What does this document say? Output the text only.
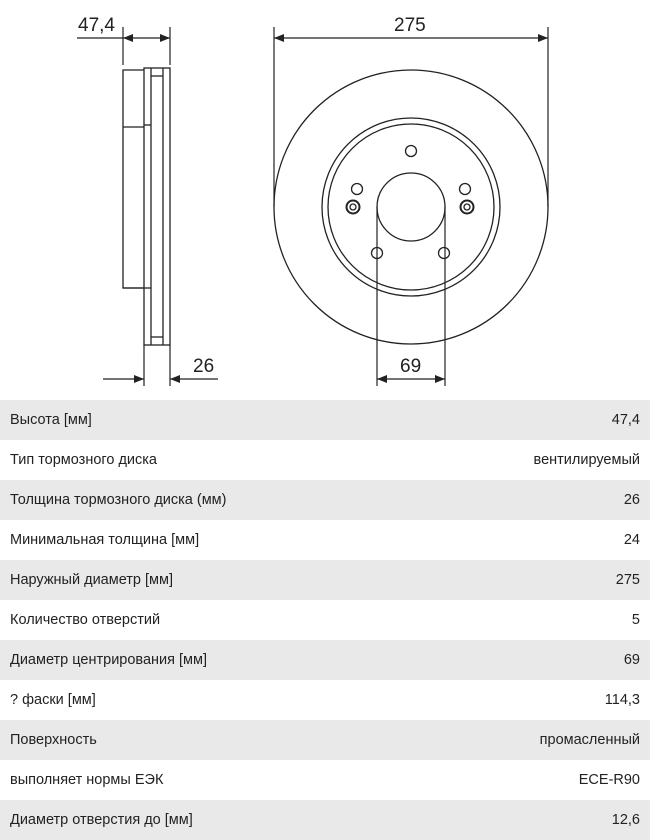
47,4
26
275
69
Высота [мм]	47,4
Тип тормозного диска	вентилируемый
Толщина тормозного диска (мм)	26
Минимальная толщина [мм]	24
Наружный диаметр [мм]	275
Количество отверстий	5
Диаметр центрирования [мм]	69
? фаски [мм]	114,3
Поверхность	промасленный
выполняет нормы ЕЭК	ECE-R90
Диаметр отверстия до [мм]	12,6
